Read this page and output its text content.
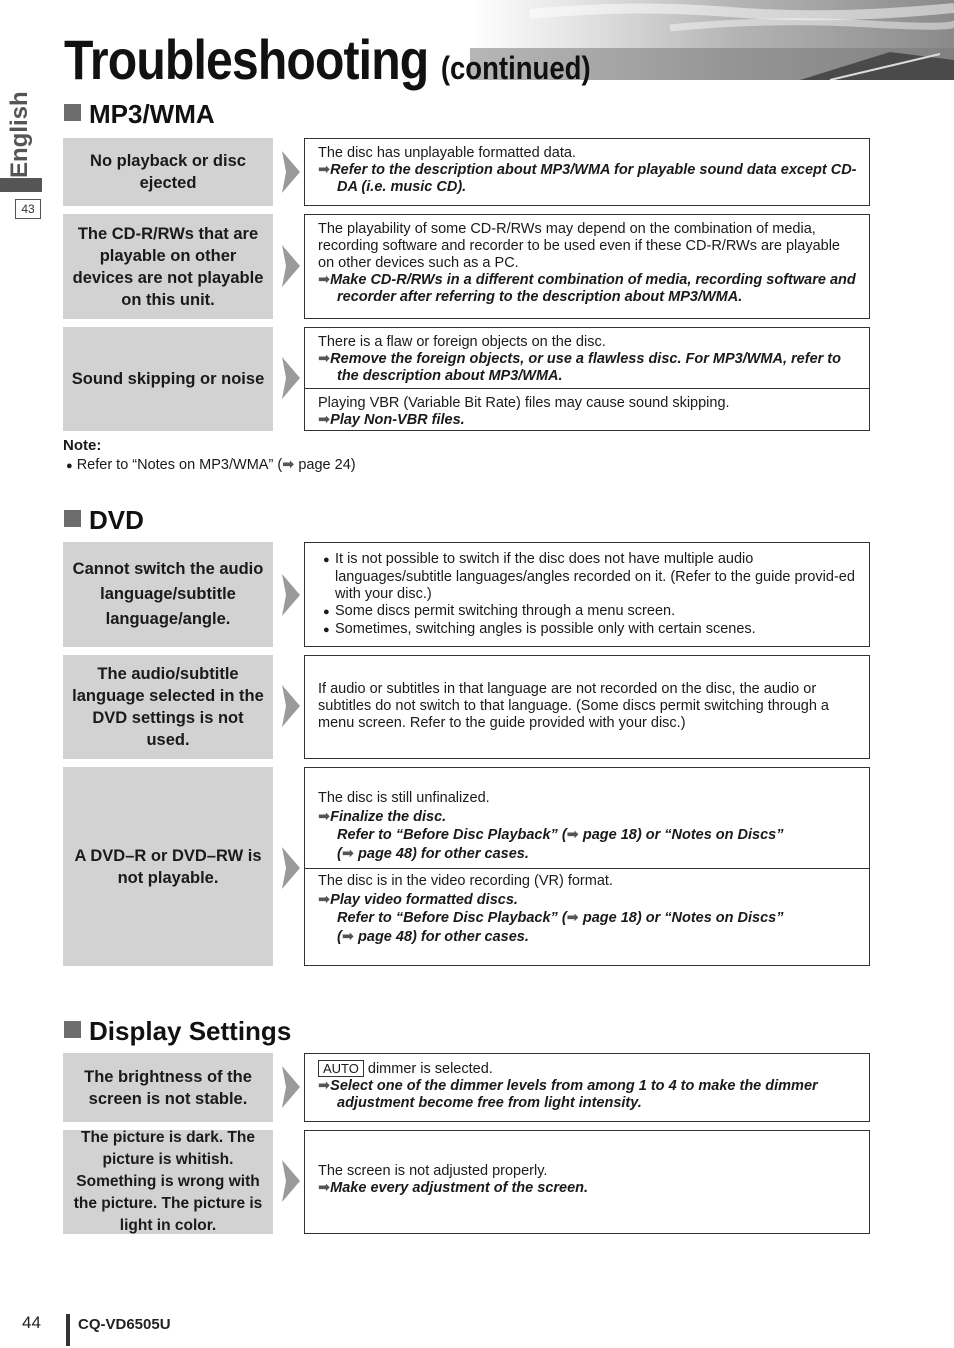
Troubleshooting (continued)
English
43
MP3/WMA
No playback or disc ejected
The disc has unplayable formatted data.
➡Refer to the description about MP3/WMA for playable sound data except CD-DA (i.e. music CD).
The CD-R/RWs that are playable on other devices are not playable on this unit.
The playability of some CD-R/RWs may depend on the combination of media, recording software and recorder to be used even if these CD-R/RWs are playable on other devices such as a PC.
➡Make CD-R/RWs in a different combination of media, recording software and recorder after referring to the description about MP3/WMA.
Sound skipping or noise
There is a flaw or foreign objects on the disc.
➡Remove the foreign objects, or use a flawless disc. For MP3/WMA, refer to the description about MP3/WMA.
Playing VBR (Variable Bit Rate) files may cause sound skipping.
➡Play Non-VBR files.
Note:
● Refer to “Notes on MP3/WMA” (➡ page 24)
DVD
Cannot switch the audio language/subtitle language/angle.
● It is not possible to switch if the disc does not have multiple audio languages/subtitle languages/angles recorded on it. (Refer to the guide provid-ed with your disc.)
● Some discs permit switching through a menu screen.
● Sometimes, switching angles is possible only with certain scenes.
The audio/subtitle language selected in the DVD settings is not used.
If audio or subtitles in that language are not recorded on the disc, the audio or subtitles do not switch to that language. (Some discs permit switching through a menu screen. Refer to the guide provided with your disc.)
A DVD–R or DVD–RW is not playable.
The disc is still unfinalized.
➡Finalize the disc.
Refer to “Before Disc Playback” (➡ page 18) or “Notes on Discs”
(➡ page 48) for other cases.
The disc is in the video recording (VR) format.
➡Play video formatted discs.
Refer to “Before Disc Playback” (➡ page 18) or “Notes on Discs”
(➡ page 48) for other cases.
Display Settings
The brightness of the screen is not stable.
AUTO dimmer is selected.
➡Select one of the dimmer levels from among 1 to 4 to make the dimmer adjustment become free from light intensity.
The picture is dark. The picture is whitish. Something is wrong with the picture. The picture is light in color.
The screen is not adjusted properly.
➡Make every adjustment of the screen.
44 CQ-VD6505U
